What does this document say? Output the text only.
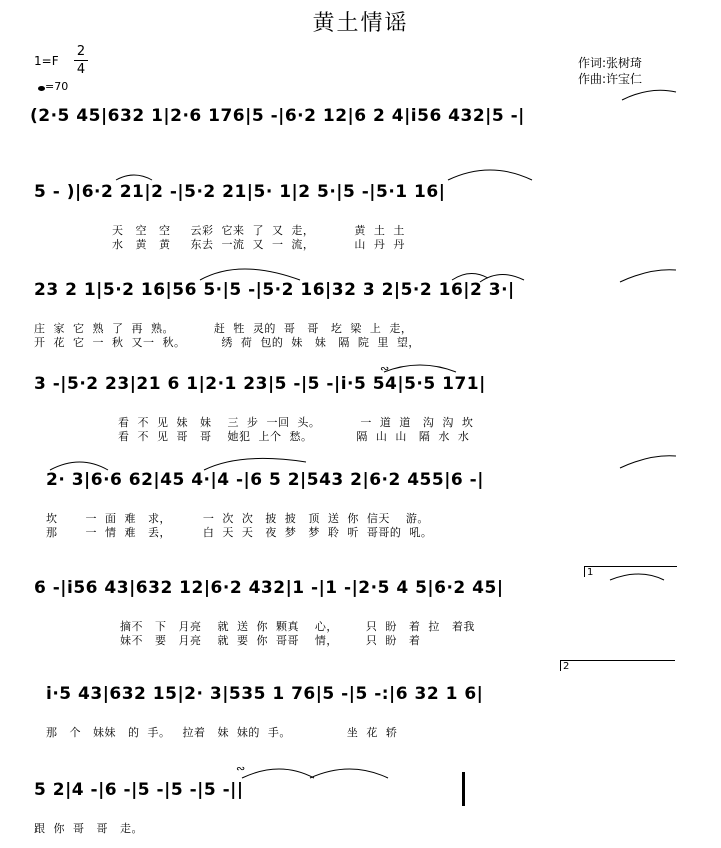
黄土情谣
1=F
2
4
=70
作词:张树琦
作曲:许宝仁
(2·5 45|632 1|2·6 176|5 -|6·2 12|6 2 4|i56 432|5 -|
5 - )|6·2 21|2 -|5·2 21|5· 1|2 5·|5 -|5·1 16|
天   空   空     云彩  它来  了  又  走，          黄  土  土
水   黄   黄     东去  一流  又  一  流，          山  丹  丹
23 2 1|5·2 16|56 5·|5 -|5·2 16|32 3 2|5·2 16|2 3·|
庄  家  它  熟  了  再  熟。          赶  牲  灵的  哥   哥   圪  梁  上  走，
开  花  它  一  秋  又一  秋。         绣  荷  包的  妹   妹   隔  院  里  望，
3 -|5·2 23|21 6 1|2·1 23|5 -|5 -|i·5 54|5·5 171|
看  不  见  妹   妹    三  步  一回  头。          一  道  道   沟  沟  坎
看  不  见  哥   哥    她犯  上个  愁。           隔  山  山   隔  水  水
2· 3|6·6 62|45 4·|4 -|6 5 2|543 2|6·2 455|6 -|
坎       一  面  难   求，        一  次  次   披  披   顶  送  你  信天    游。
那       一  情  难   丢，        白  天  天   夜  梦   梦  聆  听  哥哥的  吼。
6 -|i56 43|632 12|6·2 432|1 -|1 -|2·5 4 5|6·2 45|
摘不   下   月亮    就  送  你  颗真    心，       只  盼   着  拉   着我
妹不   要   月亮    就  要  你  哥哥    情，       只  盼   着
i·5 43|632 15|2· 3|535 1 76|5 -|5 -:|6 32 1 6|
那   个   妹妹   的  手。   拉着   妹  妹的  手。              坐  花  轿
5 2|4 -|6 -|5 -|5 -|5 -||
跟  你  哥   哥   走。
1
2
∾
∾
